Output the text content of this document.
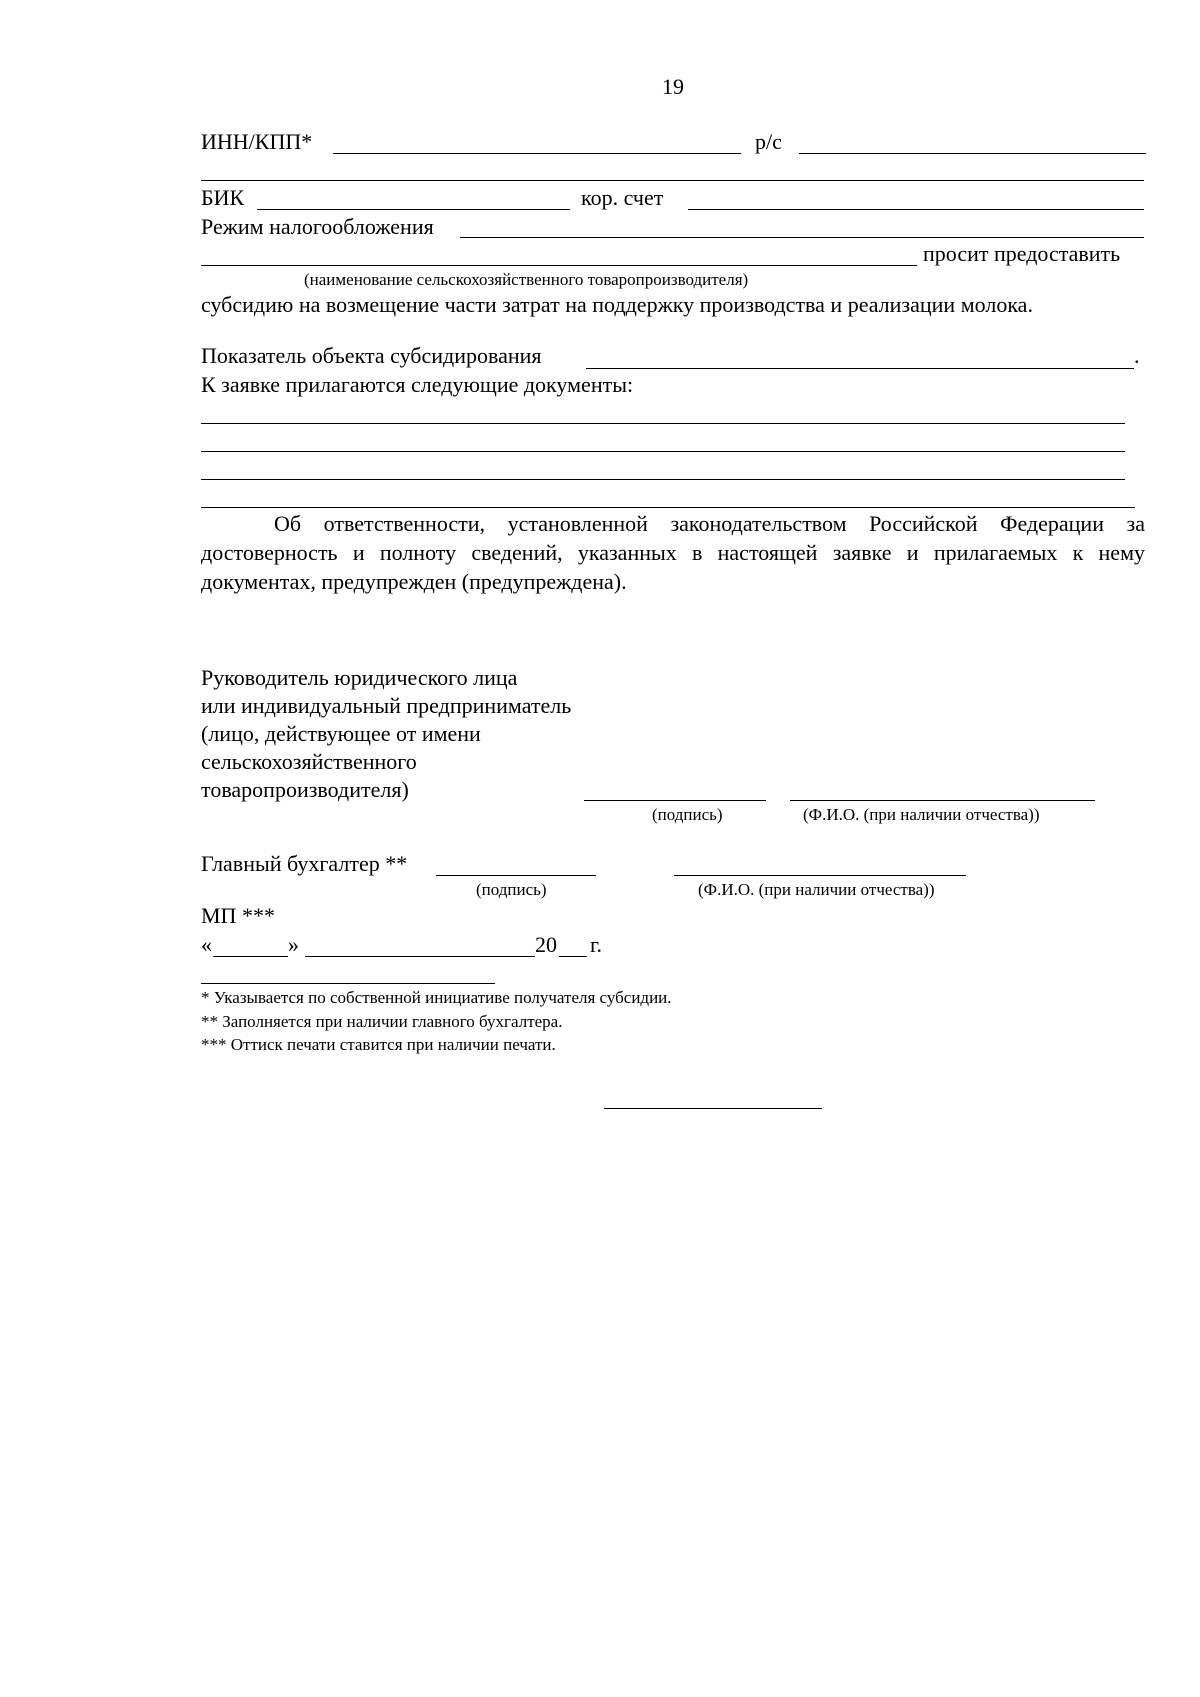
19
ИНН/КПП*	р/с
БИК	кор. счет
Режим налогообложения
просит предоставить
(наименование сельскохозяйственного товаропроизводителя)
субсидию на возмещение части затрат на поддержку производства и реализации молока.
Показатель объекта субсидирования	.
К заявке прилагаются следующие документы:
Об ответственности, установленной законодательством Российской Федерации за достоверность и полноту сведений, указанных в настоящей заявке и прилагаемых к нему документах, предупрежден (предупреждена).
Руководитель юридического лица
или индивидуальный предприниматель
(лицо, действующее от имени
сельскохозяйственного
товаропроизводителя)
(подпись)	(Ф.И.О. (при наличии отчества))
Главный бухгалтер **
(подпись)	(Ф.И.О. (при наличии отчества))
МП ***
«	»	20 г.
* Указывается по собственной инициативе получателя субсидии.
** Заполняется при наличии главного бухгалтера.
*** Оттиск печати ставится при наличии печати.
